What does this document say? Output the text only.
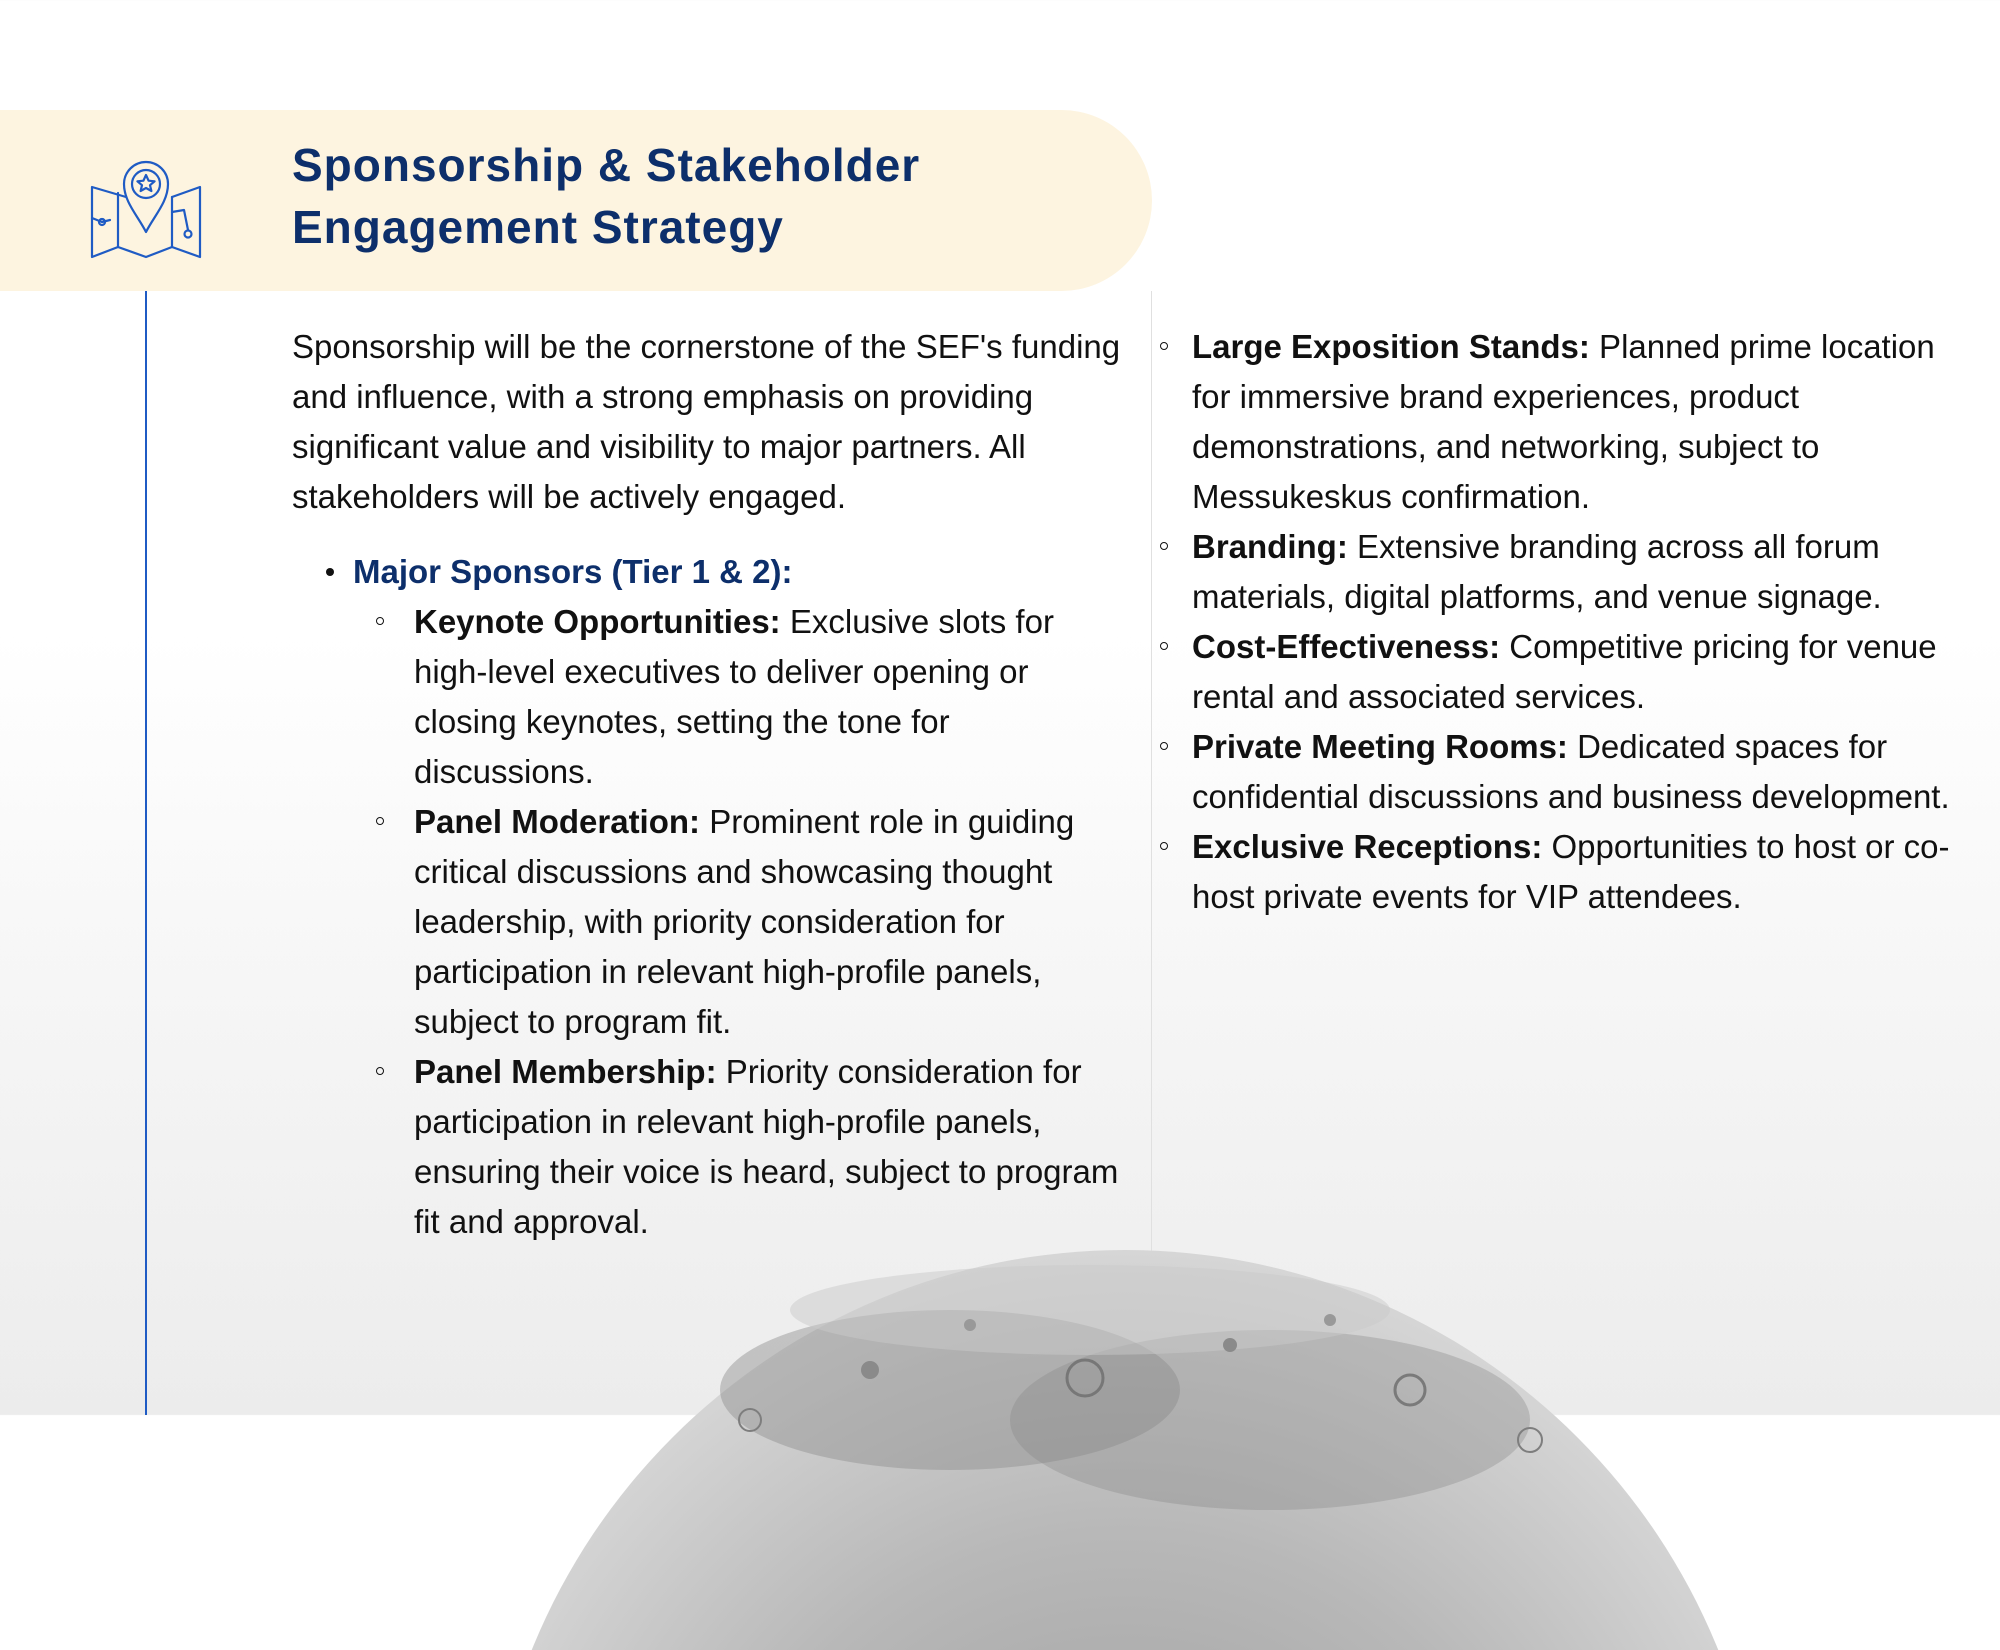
Sponsorship & Stakeholder
Engagement Strategy

Sponsorship will be the cornerstone of the SEF's funding and influence, with a strong emphasis on providing significant value and visibility to major partners. All stakeholders will be actively engaged.

Major Sponsors (Tier 1 & 2):
Keynote Opportunities: Exclusive slots for high-level executives to deliver opening or closing keynotes, setting the tone for discussions.
Panel Moderation: Prominent role in guiding critical discussions and showcasing thought leadership, with priority consideration for participation in relevant high-profile panels, subject to program fit.
Panel Membership: Priority consideration for participation in relevant high-profile panels, ensuring their voice is heard, subject to program fit and approval.
Large Exposition Stands: Planned prime location for immersive brand experiences, product demonstrations, and networking, subject to Messukeskus confirmation.
Branding: Extensive branding across all forum materials, digital platforms, and venue signage.
Cost-Effectiveness: Competitive pricing for venue rental and associated services.
Private Meeting Rooms: Dedicated spaces for confidential discussions and business development.
Exclusive Receptions: Opportunities to host or co-host private events for VIP attendees.
